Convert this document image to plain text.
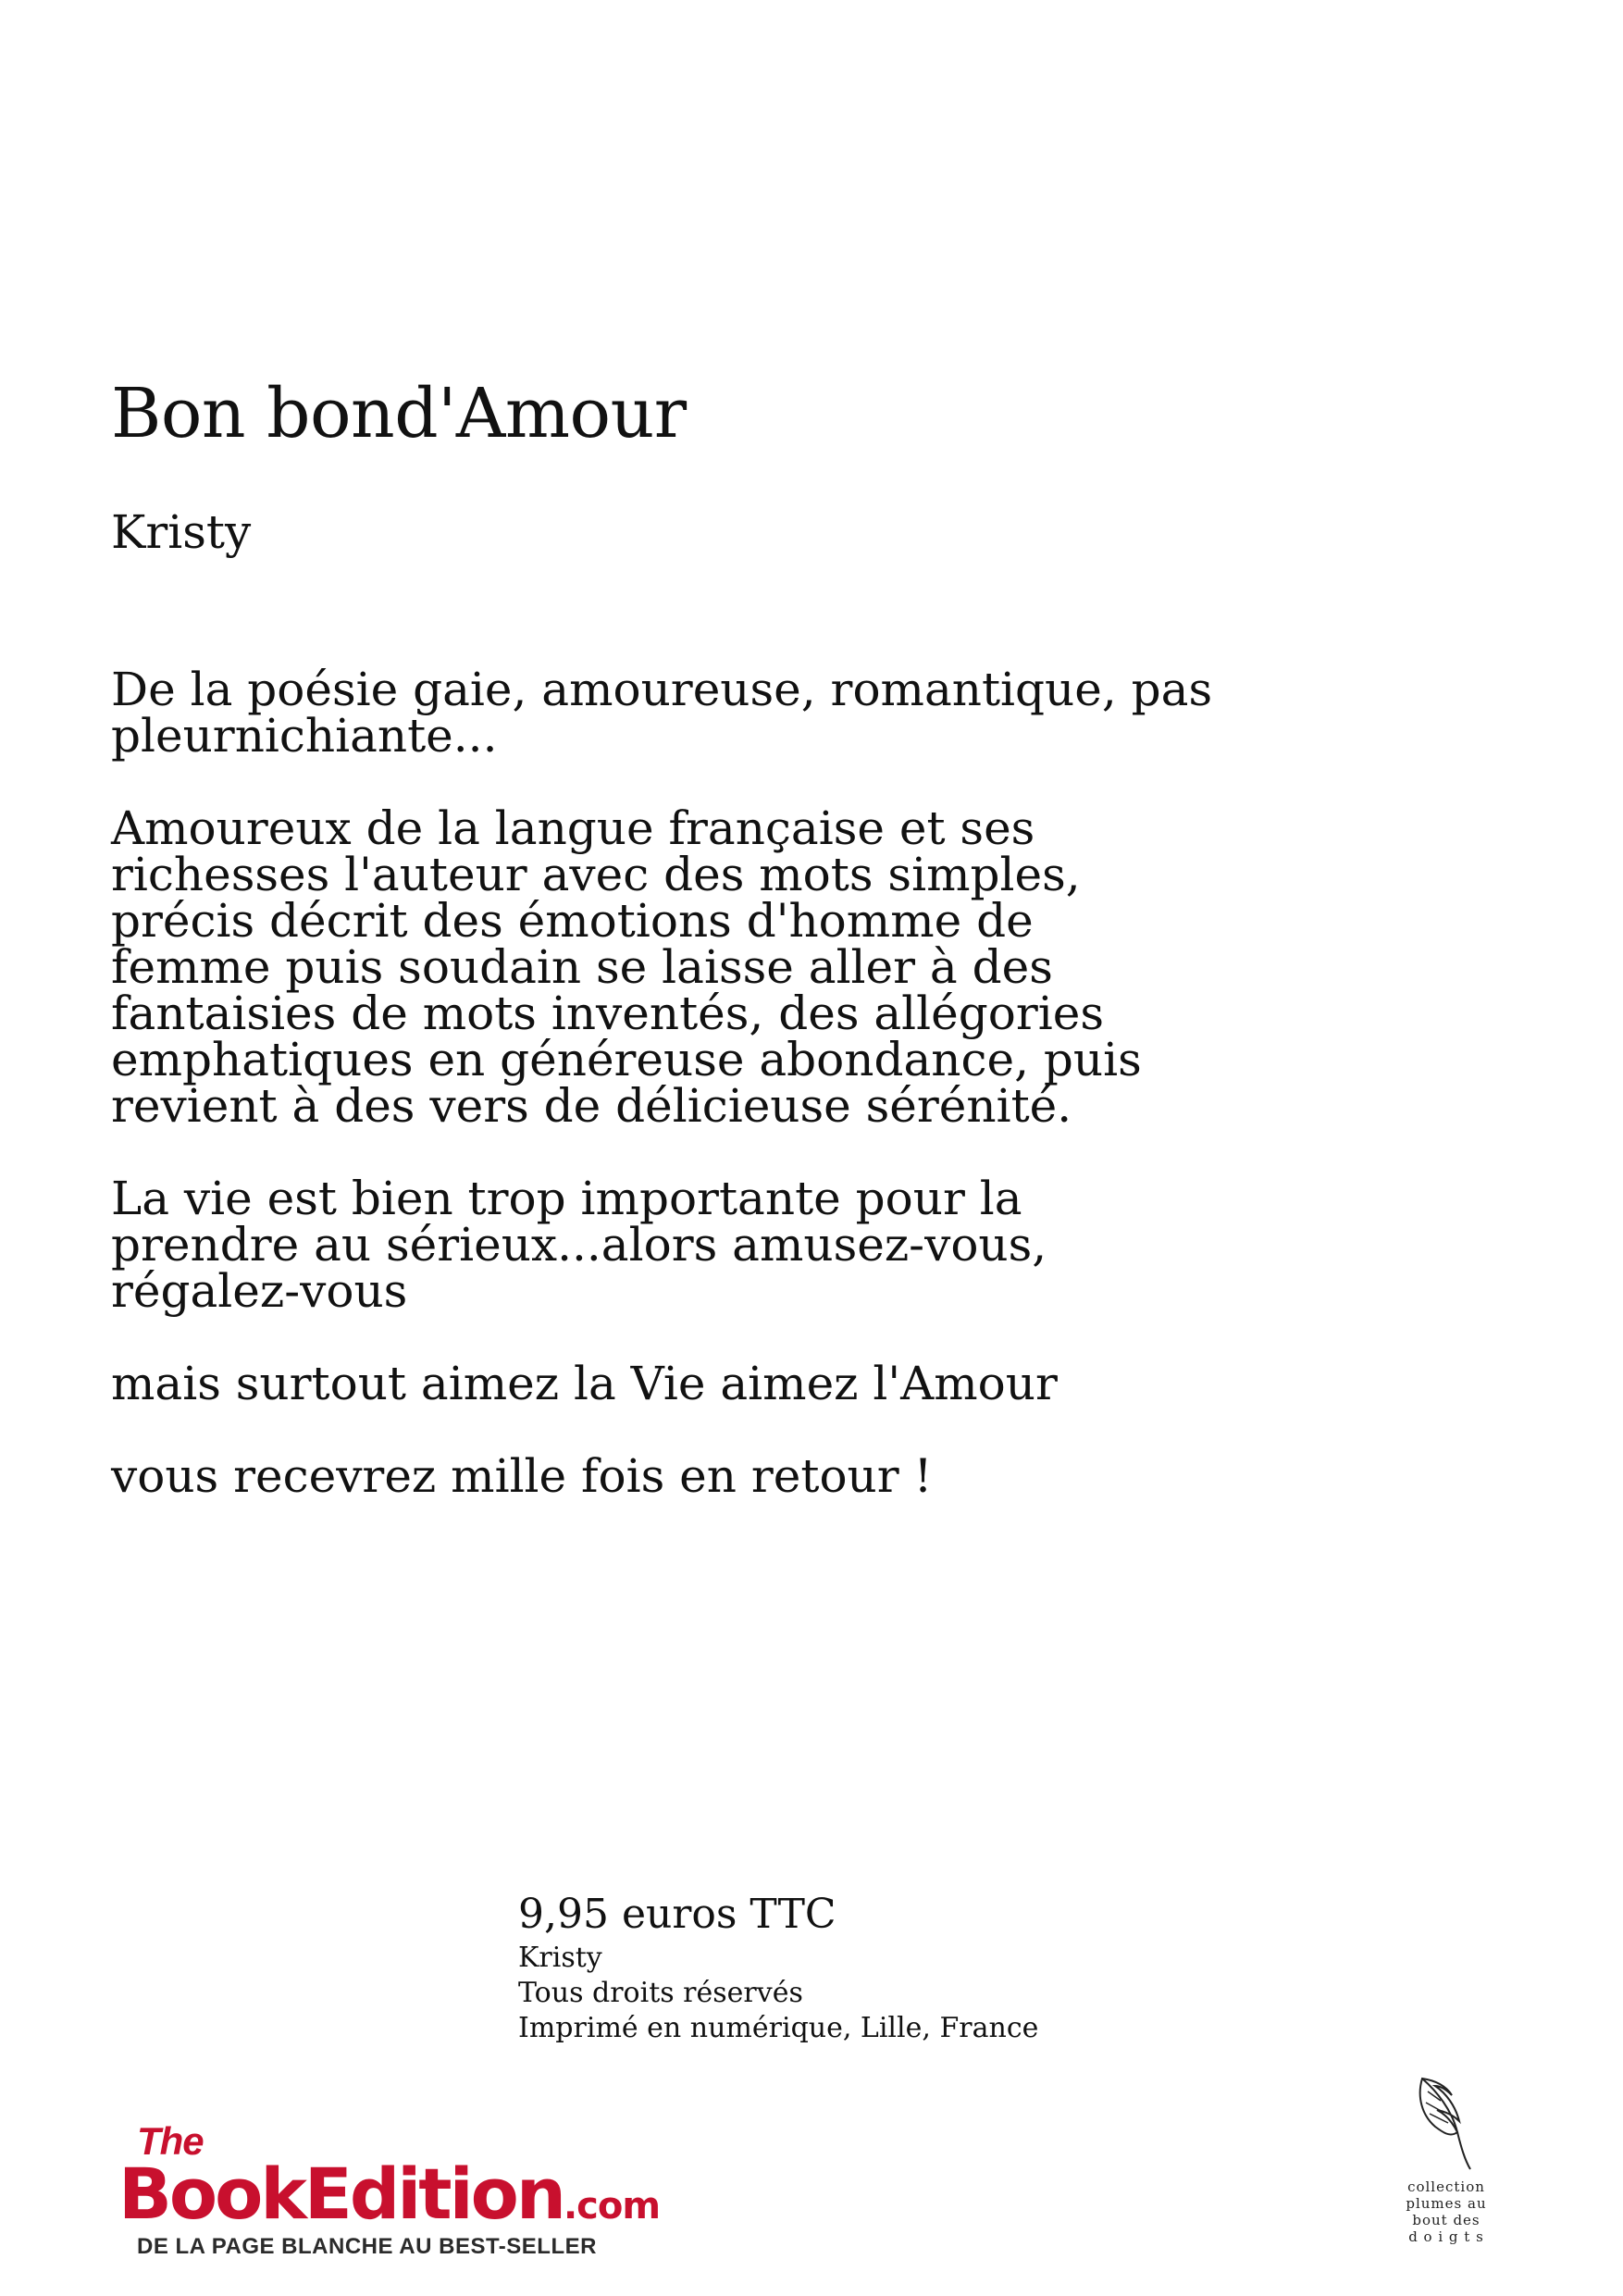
Bon bond'Amour
Kristy

De la poésie gaie, amoureuse, romantique, pas
pleurnichiante...

Amoureux de la langue française et ses
richesses l'auteur avec des mots simples,
précis décrit des émotions d'homme de
femme puis soudain se laisse aller à des
fantaisies de mots inventés, des allégories
emphatiques en généreuse abondance, puis
revient à des vers de délicieuse sérénité.

La vie est bien trop importante pour la
prendre au sérieux...alors amusez-vous,
régalez-vous

mais surtout aimez la Vie aimez l'Amour

vous recevrez mille fois en retour !

9,95 euros TTC

Kristy

Tous droits réservés

Imprimé en numérique, Lille, France

The
BookEdition.com
DE LA PAGE BLANCHE AU BEST-SELLER
collection
plumes au
bout des
d o i g t s
